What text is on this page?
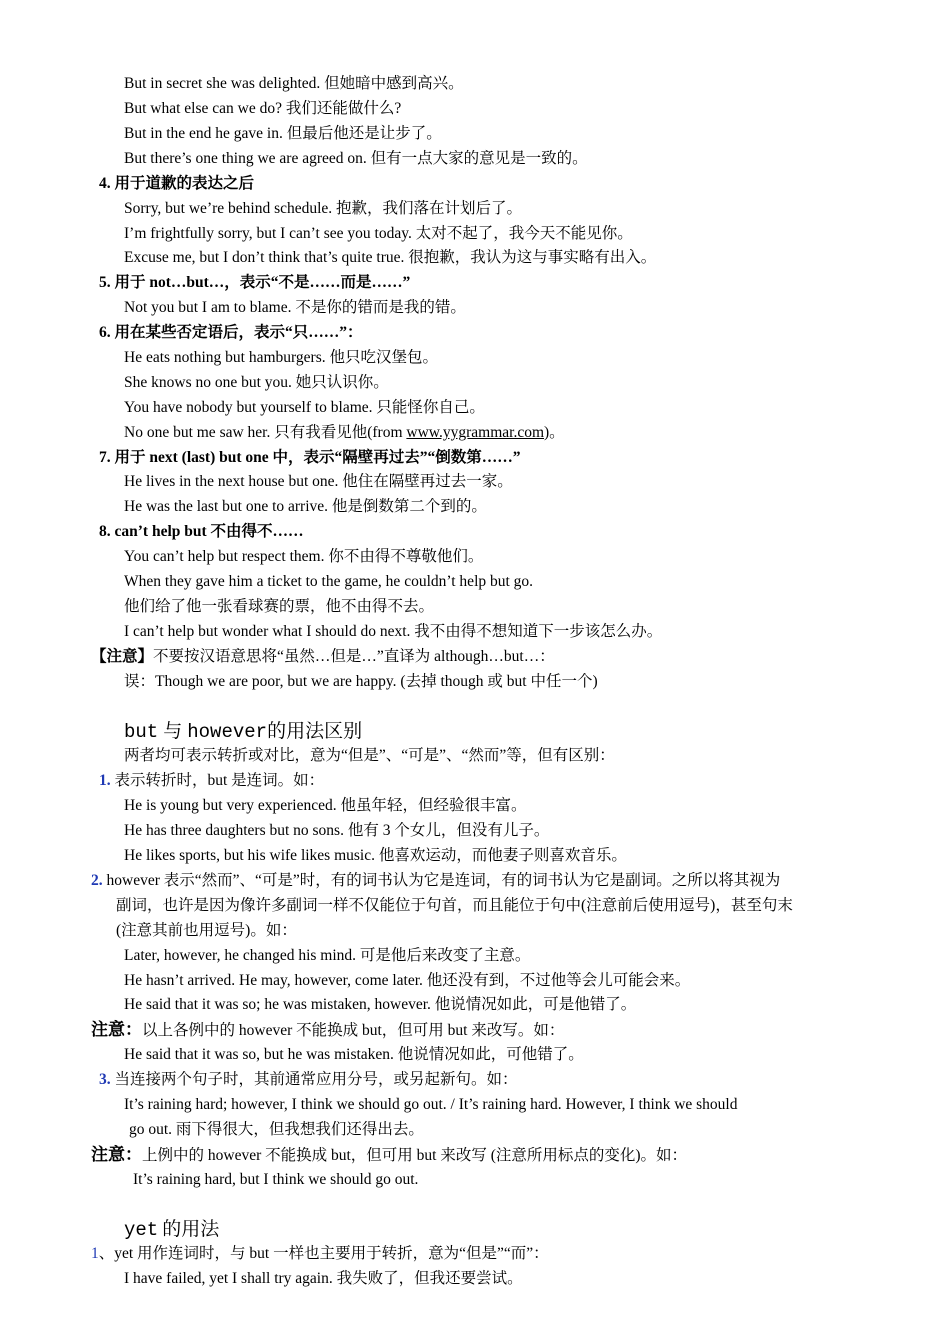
But in secret she was delighted. 但她暗中感到高兴。
But what else can we do? 我们还能做什么?
But in the end he gave in. 但最后他还是让步了。
But there’s one thing we are agreed on. 但有一点大家的意见是一致的。
4. 用于道歉的表达之后
Sorry, but we’re behind schedule. 抱歉，我们落在计划后了。
I’m frightfully sorry, but I can’t see you today. 太对不起了，我今天不能见你。
Excuse me, but I don’t think that’s quite true. 很抱歉，我认为这与事实略有出入。
5. 用于 not…but…，表示“不是……而是……”
Not you but I am to blame. 不是你的错而是我的错。
6. 用在某些否定语后，表示“只……”：
He eats nothing but hamburgers. 他只吃汉堡包。
She knows no one but you. 她只认识你。
You have nobody but yourself to blame. 只能怪你自己。
No one but me saw her. 只有我看见他(from www.yygrammar.com)。
7. 用于 next (last) but one 中，表示“隔壁再过去”“倒数第……”
He lives in the next house but one. 他住在隔壁再过去一家。
He was the last but one to arrive. 他是倒数第二个到的。
8. can’t help but 不由得不……
You can’t help but respect them. 你不由得不尊敬他们。
When they gave him a ticket to the game, he couldn’t help but go.
他们给了他一张看球赛的票，他不由得不去。
I can’t help but wonder what I should do next. 我不由得不想知道下一步该怎么办。
【注意】不要按汉语意思将“虽然…但是…”直译为 although…but…：
误：Though we are poor, but we are happy. (去掉 though 或 but 中任一个)
but 与 however的用法区别
两者均可表示转折或对比，意为“但是”、“可是”、“然而”等，但有区别：
1. 表示转折时，but 是连词。如：
He is young but very experienced. 他虽年轻，但经验很丰富。
He has three daughters but no sons. 他有 3 个女儿，但没有儿子。
He likes sports, but his wife likes music. 他喜欢运动，而他妻子则喜欢音乐。
2. however 表示“然而”、“可是”时，有的词书认为它是连词，有的词书认为它是副词。之所以将其视为
副词，也许是因为像许多副词一样不仅能位于句首，而且能位于句中(注意前后使用逗号)，甚至句末
(注意其前也用逗号)。如：
Later, however, he changed his mind. 可是他后来改变了主意。
He hasn’t arrived. He may, however, come later. 他还没有到，不过他等会儿可能会来。
He said that it was so; he was mistaken, however. 他说情况如此，可是他错了。
注意：以上各例中的 however 不能换成 but，但可用 but 来改写。如：
He said that it was so, but he was mistaken. 他说情况如此，可他错了。
3. 当连接两个句子时，其前通常应用分号，或另起新句。如：
It’s raining hard; however, I think we should go out. / It’s raining hard. However, I think we should
go out. 雨下得很大，但我想我们还得出去。
注意：上例中的 however 不能换成 but，但可用 but 来改写 (注意所用标点的变化)。如：
It’s raining hard, but I think we should go out.
yet 的用法
1、yet 用作连词时，与 but 一样也主要用于转折，意为“但是”“而”：
I have failed, yet I shall try again. 我失败了，但我还要尝试。
